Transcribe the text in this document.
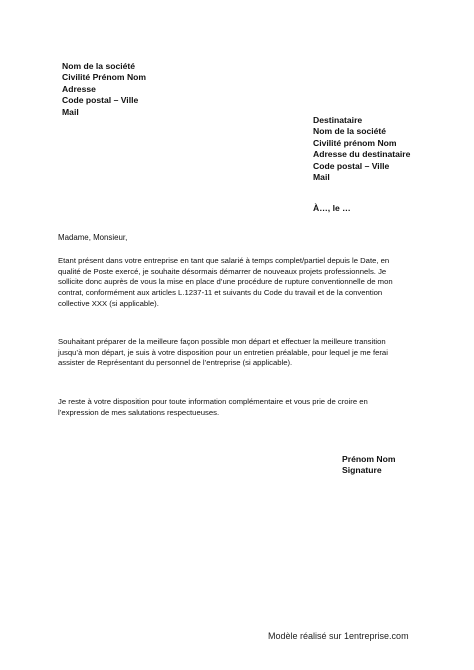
Nom de la société
Civilité Prénom Nom
Adresse
Code postal – Ville
Mail
Destinataire
Nom de la société
Civilité prénom Nom
Adresse du destinataire
Code postal – Ville
Mail
À…, le …
Madame, Monsieur,
Etant présent dans votre entreprise en tant que salarié à temps complet/partiel depuis le Date, en
qualité de Poste exercé, je souhaite désormais démarrer de nouveaux projets professionnels. Je
sollicite donc auprès de vous la mise en place d’une procédure de rupture conventionnelle de mon
contrat, conformément aux articles L.1237-11 et suivants du Code du travail et de la convention
collective XXX (si applicable).
Souhaitant préparer de la meilleure façon possible mon départ et effectuer la meilleure transition
jusqu’à mon départ, je suis à votre disposition pour un entretien préalable, pour lequel je me ferai
assister de Représentant du personnel de l’entreprise (si applicable).
Je reste à votre disposition pour toute information complémentaire et vous prie de croire en
l’expression de mes salutations respectueuses.
Prénom Nom
Signature
Modèle réalisé sur 1entreprise.com
